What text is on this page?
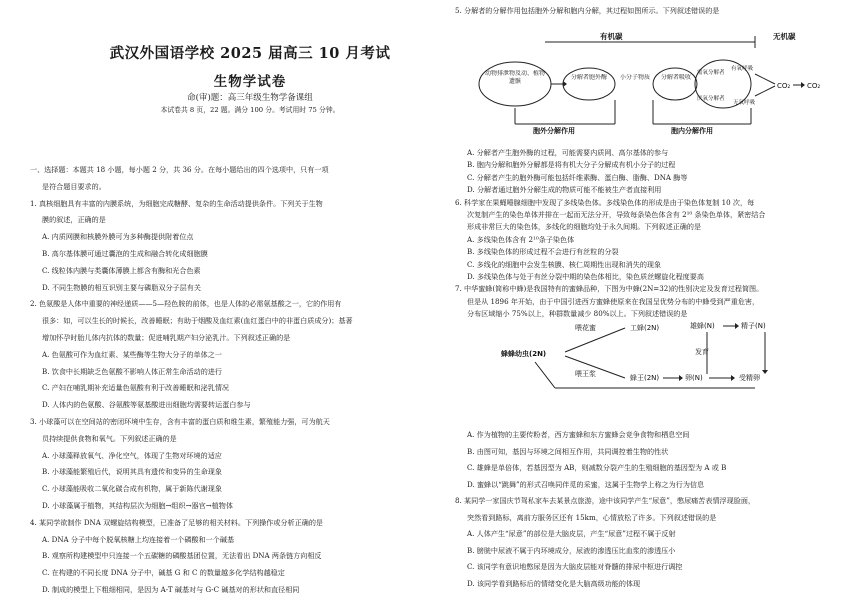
武汉外国语学校 2025 届高三 10 月考试
生物学试卷
命(审)题：高三年级生物学备课组
本试卷共 8 页，22 题。满分 100 分。考试用时 75 分钟。
一、选择题：本题共 18 小题，每小题 2 分，共 36 分。在每小题给出的四个选项中，只有一项
是符合题目要求的。
1. 真核细胞具有丰富的内膜系统，为细胞完成糖酵、复杂的生命活动提供条件。下列关于生物
膜的叙述，正确的是
A. 内质网膜和核膜外膜可为多种酶提供附着位点
B. 高尔基体膜可通过囊泡的生成和融合转化成细胞膜
C. 线粒体内膜与类囊体薄膜上都含有酶和光合色素
D. 不同生物膜的相互识别主要与磷脂双分子层有关
2. 色氨酸是人体中重要的神经递质——5—羟色胺的前体，也是人体的必需氨基酸之一，它的作用有
很多：如，可以生长的时候长，改善睡眠；有助于烟酸及血红素(血红蛋白中的非蛋白质成分)；基著
增加怀孕时胎儿体内抗体的数量；促进哺乳期产妇分泌乳汁。下列叙述正确的是
A. 色氨酸可作为血红素、某些酶等生物大分子的单体之一
B. 饮食中长期缺乏色氨酸不影响人体正常生命活动的进行
C. 产妇在哺乳期补充适量色氨酸有利于改善睡眠和泌乳情况
D. 人体内的色氨酸、谷氨酸等氨基酸进出细胞均需要转运蛋白参与
3. 小球藻可以在空间站的密闭环境中生存，含有丰富的蛋白质和维生素，繁殖能力强，可为航天
员持续提供食物和氧气。下列叙述正确的是
A. 小球藻释放氧气、净化空气，体现了生物对环境的适应
B. 小球藻能繁殖后代，说明其具有遗传和变异的生命现象
C. 小球藻能吸收二氧化碳合成有机物，属于新陈代谢现象
D. 小球藻属于植物，其结构层次为细胞→组织→器官→植物体
4. 某同学欲制作 DNA 双螺旋结构模型，已准备了足够的相关材料。下列操作或分析正确的是
A. DNA 分子中每个脱氧核糖上均连接着一个磷酸和一个碱基
B. 观察所构建模型中只连接一个五碳糖的磷酸基团位置，无法看出 DNA 两条链方向相反
C. 在构建的不同长度 DNA 分子中，碱基 G 和 C 的数量越多化学结构越稳定
D. 制成的模型上下粗细相同，是因为 A-T 碱基对与 G-C 碱基对的形状和直径相同
5. 分解者的分解作用包括胞外分解和胞内分解，其过程如图所示。下列叙述错误的是
有机碳	无机碳
动物排泄物及动、植物遗骸
分解者胞外酶	小分子物质	分解者吸收
需氧分解者
厌氧分解者
有氧呼吸
无氧呼吸
CO₂ CO₂
胞外分解作用	胞内分解作用
A. 分解者产生胞外酶的过程，可能需要内质网、高尔基体的参与
B. 胞内分解和胞外分解都是将有机大分子分解成有机小分子的过程
C. 分解者产生的胞外酶可能包括纤维素酶、蛋白酶、脂酶、DNA 酶等
D. 分解者通过胞外分解生成的物质可能不能被生产者直接利用
6. 科学家在果蝇唾腺细胞中发现了多线染色体。多线染色体的形成是由于染色体复制 10 次，每
次复制产生的染色单体并排在一起而无法分开，导致每条染色体含有 2¹⁰ 条染色单体，紧密结合
形成非常巨大的染色体，多线化的细胞均处于永久间期。下列叙述正确的是
A. 多线染色体含有 2¹⁰条子染色体
B. 多线染色体的形成过程不会进行有丝粒的分裂
C. 多线化的细胞中会发生核膜、核仁周期性出现和消失的现象
D. 多线染色体与处于有丝分裂中期的染色体相比，染色质丝螺旋化程度要高
7. 中华蜜蜂(简称中蜂)是我国特有的蜜蜂品种，下图为中蜂(2N=32)的性别决定及发育过程简图。
但是从 1896 年开始，由于中国引进西方蜜蜂使原来在我国呈优势分布的中蜂受到严重危害，
分布区域缩小 75%以上，种群数量减少 80%以上。下列叙述错误的是
喂花蜜	工蜂(2N)	雄蜂(N)	精子(N)
蜂蜂幼虫(2N)	发育
喂王浆	蜂王(2N)	卵(N)	受精卵
A. 作为植物的主要传粉者，西方蜜蜂和东方蜜蜂会竞争食物和栖息空间
B. 由图可知，基因与环境之间相互作用，共同调控着生物的性状
C. 雄蜂是单倍体，若基因型为 AB，则减数分裂产生的生殖细胞的基因型为 A 或 B
D. 蜜蜂以“跳舞”的形式召唤同伴觅的采蜜，这属于生物学上称之为行为信息
8. 某同学一家国庆节驾私家车去某景点旅游，途中该同学产生“尿意”，憋尿痛苦表情浮现脸面，
突然看到路标，离前方服务区还有 15km，心情放松了许多。下列叙述错误的是
A. 人体产生“尿意”的部位是大脑皮层，产生“尿意”过程不属于反射
B. 膀胱中尿液不属于内环境成分，尿液的渗透压比血浆的渗透压小
C. 该同学有意识地憋尿是因为大脑皮层能对脊髓的排尿中枢进行调控
D. 该同学看到路标后的情绪变化是大脑高级功能的体现
